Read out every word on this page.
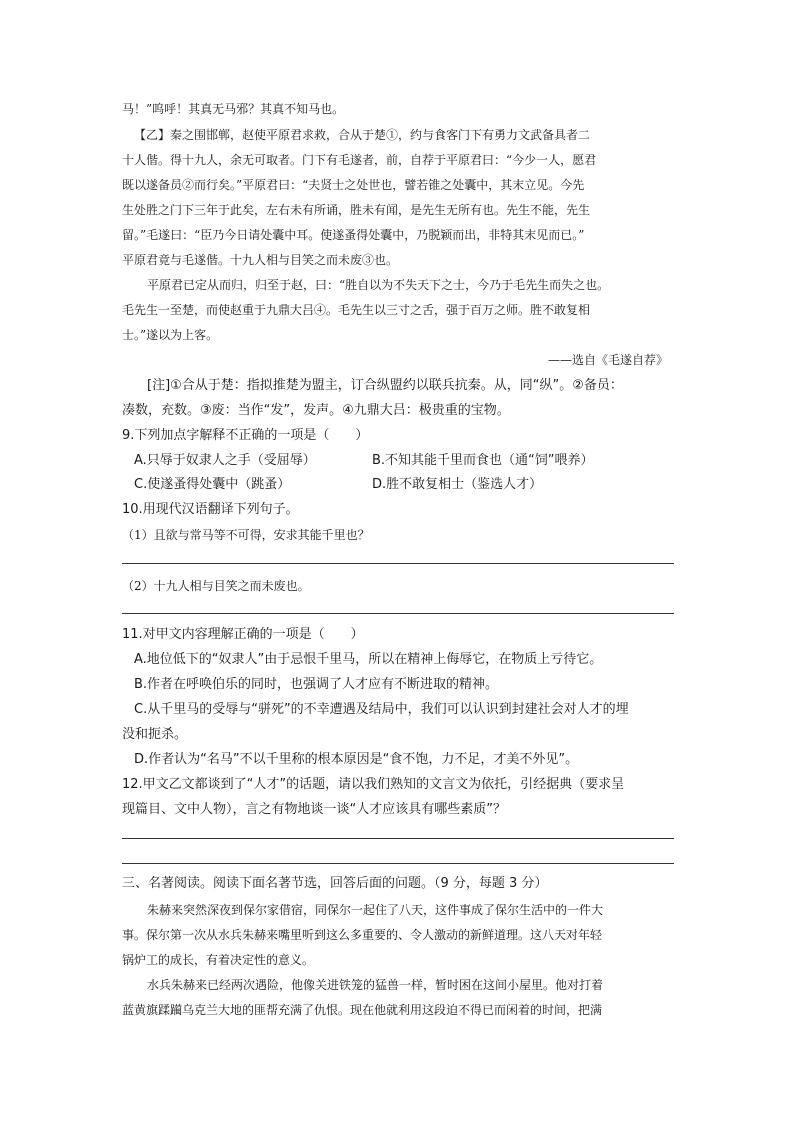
马！”呜呼！其真无马邪？其真不知马也。
【乙】秦之围邯郸，赵使平原君求救，合从于楚①，约与食客门下有勇力文武备具者二
十人偕。得十九人，余无可取者。门下有毛遂者，前，自荐于平原君曰：“今少一人，愿君
既以遂备员②而行矣。”平原君曰：“夫贤士之处世也，譬若锥之处囊中，其末立见。今先
生处胜之门下三年于此矣，左右未有所诵，胜未有闻，是先生无所有也。先生不能，先生
留。”毛遂曰：“臣乃今日请处囊中耳。使遂蚤得处囊中，乃脱颖而出，非特其末见而已。”
平原君竟与毛遂偕。十九人相与目笑之而未废③也。
平原君已定从而归，归至于赵，曰：“胜自以为不失天下之士，今乃于毛先生而失之也。
毛先生一至楚，而使赵重于九鼎大吕④。毛先生以三寸之舌，强于百万之师。胜不敢复相
士。”遂以为上客。
——选自《毛遂自荐》
[注]①合从于楚：指拟推楚为盟主，订合纵盟约以联兵抗秦。从，同“纵”。②备员：
凑数，充数。③废：当作“发”，发声。④九鼎大吕：极贵重的宝物。
9.下列加点字解释不正确的一项是（　　）
A.只辱于奴隶人之手（受屈辱）	B.不知其能千里而食也（通“饲”喂养）
C.使遂蚤得处囊中（跳蚤）	D.胜不敢复相士（鉴选人才）
10.用现代汉语翻译下列句子。
（1）且欲与常马等不可得，安求其能千里也？
（2）十九人相与目笑之而未废也。
11.对甲文内容理解正确的一项是（　　）
A.地位低下的“奴隶人”由于忌恨千里马，所以在精神上侮辱它，在物质上亏待它。
B.作者在呼唤伯乐的同时，也强调了人才应有不断进取的精神。
C.从千里马的受辱与“骈死”的不幸遭遇及结局中，我们可以认识到封建社会对人才的埋
没和扼杀。
D.作者认为“名马”不以千里称的根本原因是“食不饱，力不足，才美不外见”。
12.甲文乙文都谈到了“人才”的话题，请以我们熟知的文言文为依托，引经据典（要求呈
现篇目、文中人物），言之有物地谈一谈“人才应该具有哪些素质”？
三、名著阅读。阅读下面名著节选，回答后面的问题。（9 分，每题 3 分）
朱赫来突然深夜到保尔家借宿，同保尔一起住了八天，这件事成了保尔生活中的一件大
事。保尔第一次从水兵朱赫来嘴里听到这么多重要的、令人激动的新鲜道理。这八天对年轻
锅炉工的成长，有着决定性的意义。
水兵朱赫来已经两次遇险，他像关进铁笼的猛兽一样，暂时困在这间小屋里。他对打着
蓝黄旗蹂躏乌克兰大地的匪帮充满了仇恨。现在他就利用这段迫不得已而闲着的时间，把满
